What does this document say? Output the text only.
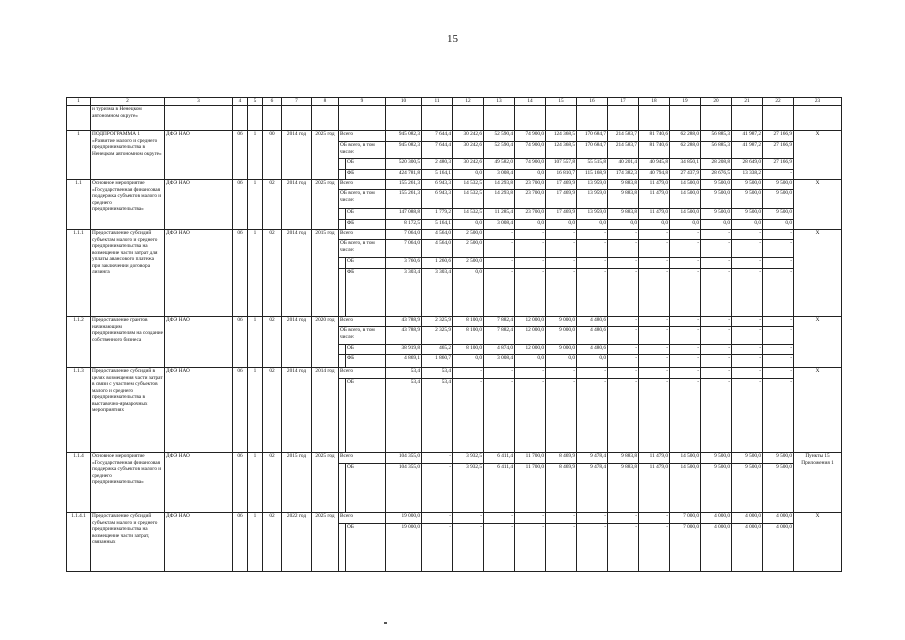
15
1	2	3	4	5	6	7	8	9		10	11	12	13	14	15	16	17	18	19	20	21	22	23
	и туризма в Ненецком автономном округе»																						
1	ПОДПРОГРАММА 1 «Развитие малого и среднего предпринимательства в Ненецком автономном округе»	ДФЭ НАО	06	1	00	2014 год	2025 год	Всего		945 082,3	7 644,4	30 242,6	52 590,4	74 900,0	124 368,5	170 684,7	214 583,7	81 740,6	62 288,0	56 885,3	41 987,2	27 166,9	Х
								ОБ всего, в том числе:		945 082,3	7 644,4	30 242,6	52 590,4	74 900,0	124 368,5	170 684,7	214 583,7	81 740,6	62 288,0	56 885,3	41 987,2	27 166,9	
									ОБ	520 300,5	2 480,3	30 242,6	49 582,0	74 900,0	107 557,8	55 515,8	40 201,4	40 945,8	34 850,1	28 208,8	28 649,0	27 166,9	
									ФБ	424 781,8	5 164,1	0,0	3 008,4	0,0	16 810,7	115 168,9	174 382,3	40 794,8	27 437,9	28 676,5	13 338,2	-	
1.1	Основное мероприятие «Государственная финансовая поддержка субъектов малого и среднего предпринимательства»	ДФЭ НАО	06	1	02	2014 год	2025 год	Всего		155 261,3	6 943,3	14 532,5	14 293,8	23 700,0	17 469,9	13 959,0	9 883,8	11 479,0	14 500,0	9 500,0	9 500,0	9 500,0	Х
								ОБ всего, в том числе:		155 261,3	6 943,3	14 532,5	14 293,8	23 700,0	17 469,9	13 959,0	9 883,8	11 479,0	14 500,0	9 500,0	9 500,0	9 500,0	
									ОБ	147 088,8	1 779,2	14 532,5	11 285,4	23 700,0	17 469,9	13 959,0	9 883,8	11 479,0	14 500,0	9 500,0	9 500,0	9 500,0	
									ФБ	8 172,5	5 164,1	0,0	3 008,4	0,0	0,0	0,0	0,0	0,0	0,0	0,0	0,0	0,0	
1.1.1	Предоставление субсидий субъектам малого и среднего предпринимательства на возмещение части затрат для уплаты авансового платежа при заключении договора лизинга	ДФЭ НАО	06	1	02	2014 год	2015 год	Всего		7 064,0	4 564,0	2 500,0	-	-	-	-	-	-	-	-	-	-	Х
								ОБ всего, в том числе:		7 064,0	4 564,0	2 500,0	-	-	-	-	-	-	-	-	-	-	
									ОБ	3 760,6	1 260,6	2 500,0	-	-	-	-	-	-	-	-	-	-	
									ФБ	3 303,4	3 303,4	0,0	-	-	-	-	-	-	-	-	-	-	
1.1.2	Предоставление грантов начинающим предпринимателям на создание собственного бизнеса	ДФЭ НАО	06	1	02	2014 год	2020 год	Всего		43 788,9	2 325,9	8 100,0	7 882,4	12 000,0	9 000,0	4 480,6	-	-	-	-	-	-	Х
								ОБ всего, в том числе:		43 788,9	2 325,9	8 100,0	7 882,4	12 000,0	9 000,0	4 480,6	-	-	-	-	-	-	
									ОБ	38 919,8	465,2	8 100,0	4 874,0	12 000,0	9 000,0	4 480,6	-	-	-	-	-	-	
									ФБ	4 869,1	1 860,7	0,0	3 008,4	0,0	0,0	0,0	-	-	-	-	-	-	
1.1.3	Предоставление субсидий в целях возмещения части затрат в связи с участием субъектов малого и среднего предпринимательства в выставочно-ярмарочных мероприятиях	ДФЭ НАО	06	1	02	2014 год	2014 год	Всего		53,4	53,4	-	-	-	-	-	-	-	-	-	-	-	Х
									ОБ	53,4	53,4	-	-	-	-	-	-	-	-	-	-	-	
1.1.4	Основное мероприятие «Государственная финансовая поддержка субъектов малого и среднего предпринимательства»	ДФЭ НАО	06	1	02	2015 год	2025 год	Всего		104 355,0	-	3 932,5	6 411,4	11 700,0	8 469,9	9 478,4	9 883,8	11 479,0	14 500,0	9 500,0	9 500,0	9 500,0	Пункты 15 Приложения 1
									ОБ	104 355,0	-	3 932,5	6 411,4	11 700,0	8 469,9	9 478,4	9 883,8	11 479,0	14 500,0	9 500,0	9 500,0	9 500,0	
1.1.4.1	Предоставление субсидий субъектам малого и среднего предпринимательства на возмещение части затрат, связанных	ДФЭ НАО	06	1	02	2022 год	2025 год	Всего		19 000,0	-	-	-	-	-	-	-	-	7 000,0	4 000,0	4 000,0	4 000,0	Х
									ОБ	19 000,0	-	-	-	-	-	-	-	-	7 000,0	4 000,0	4 000,0	4 000,0	
